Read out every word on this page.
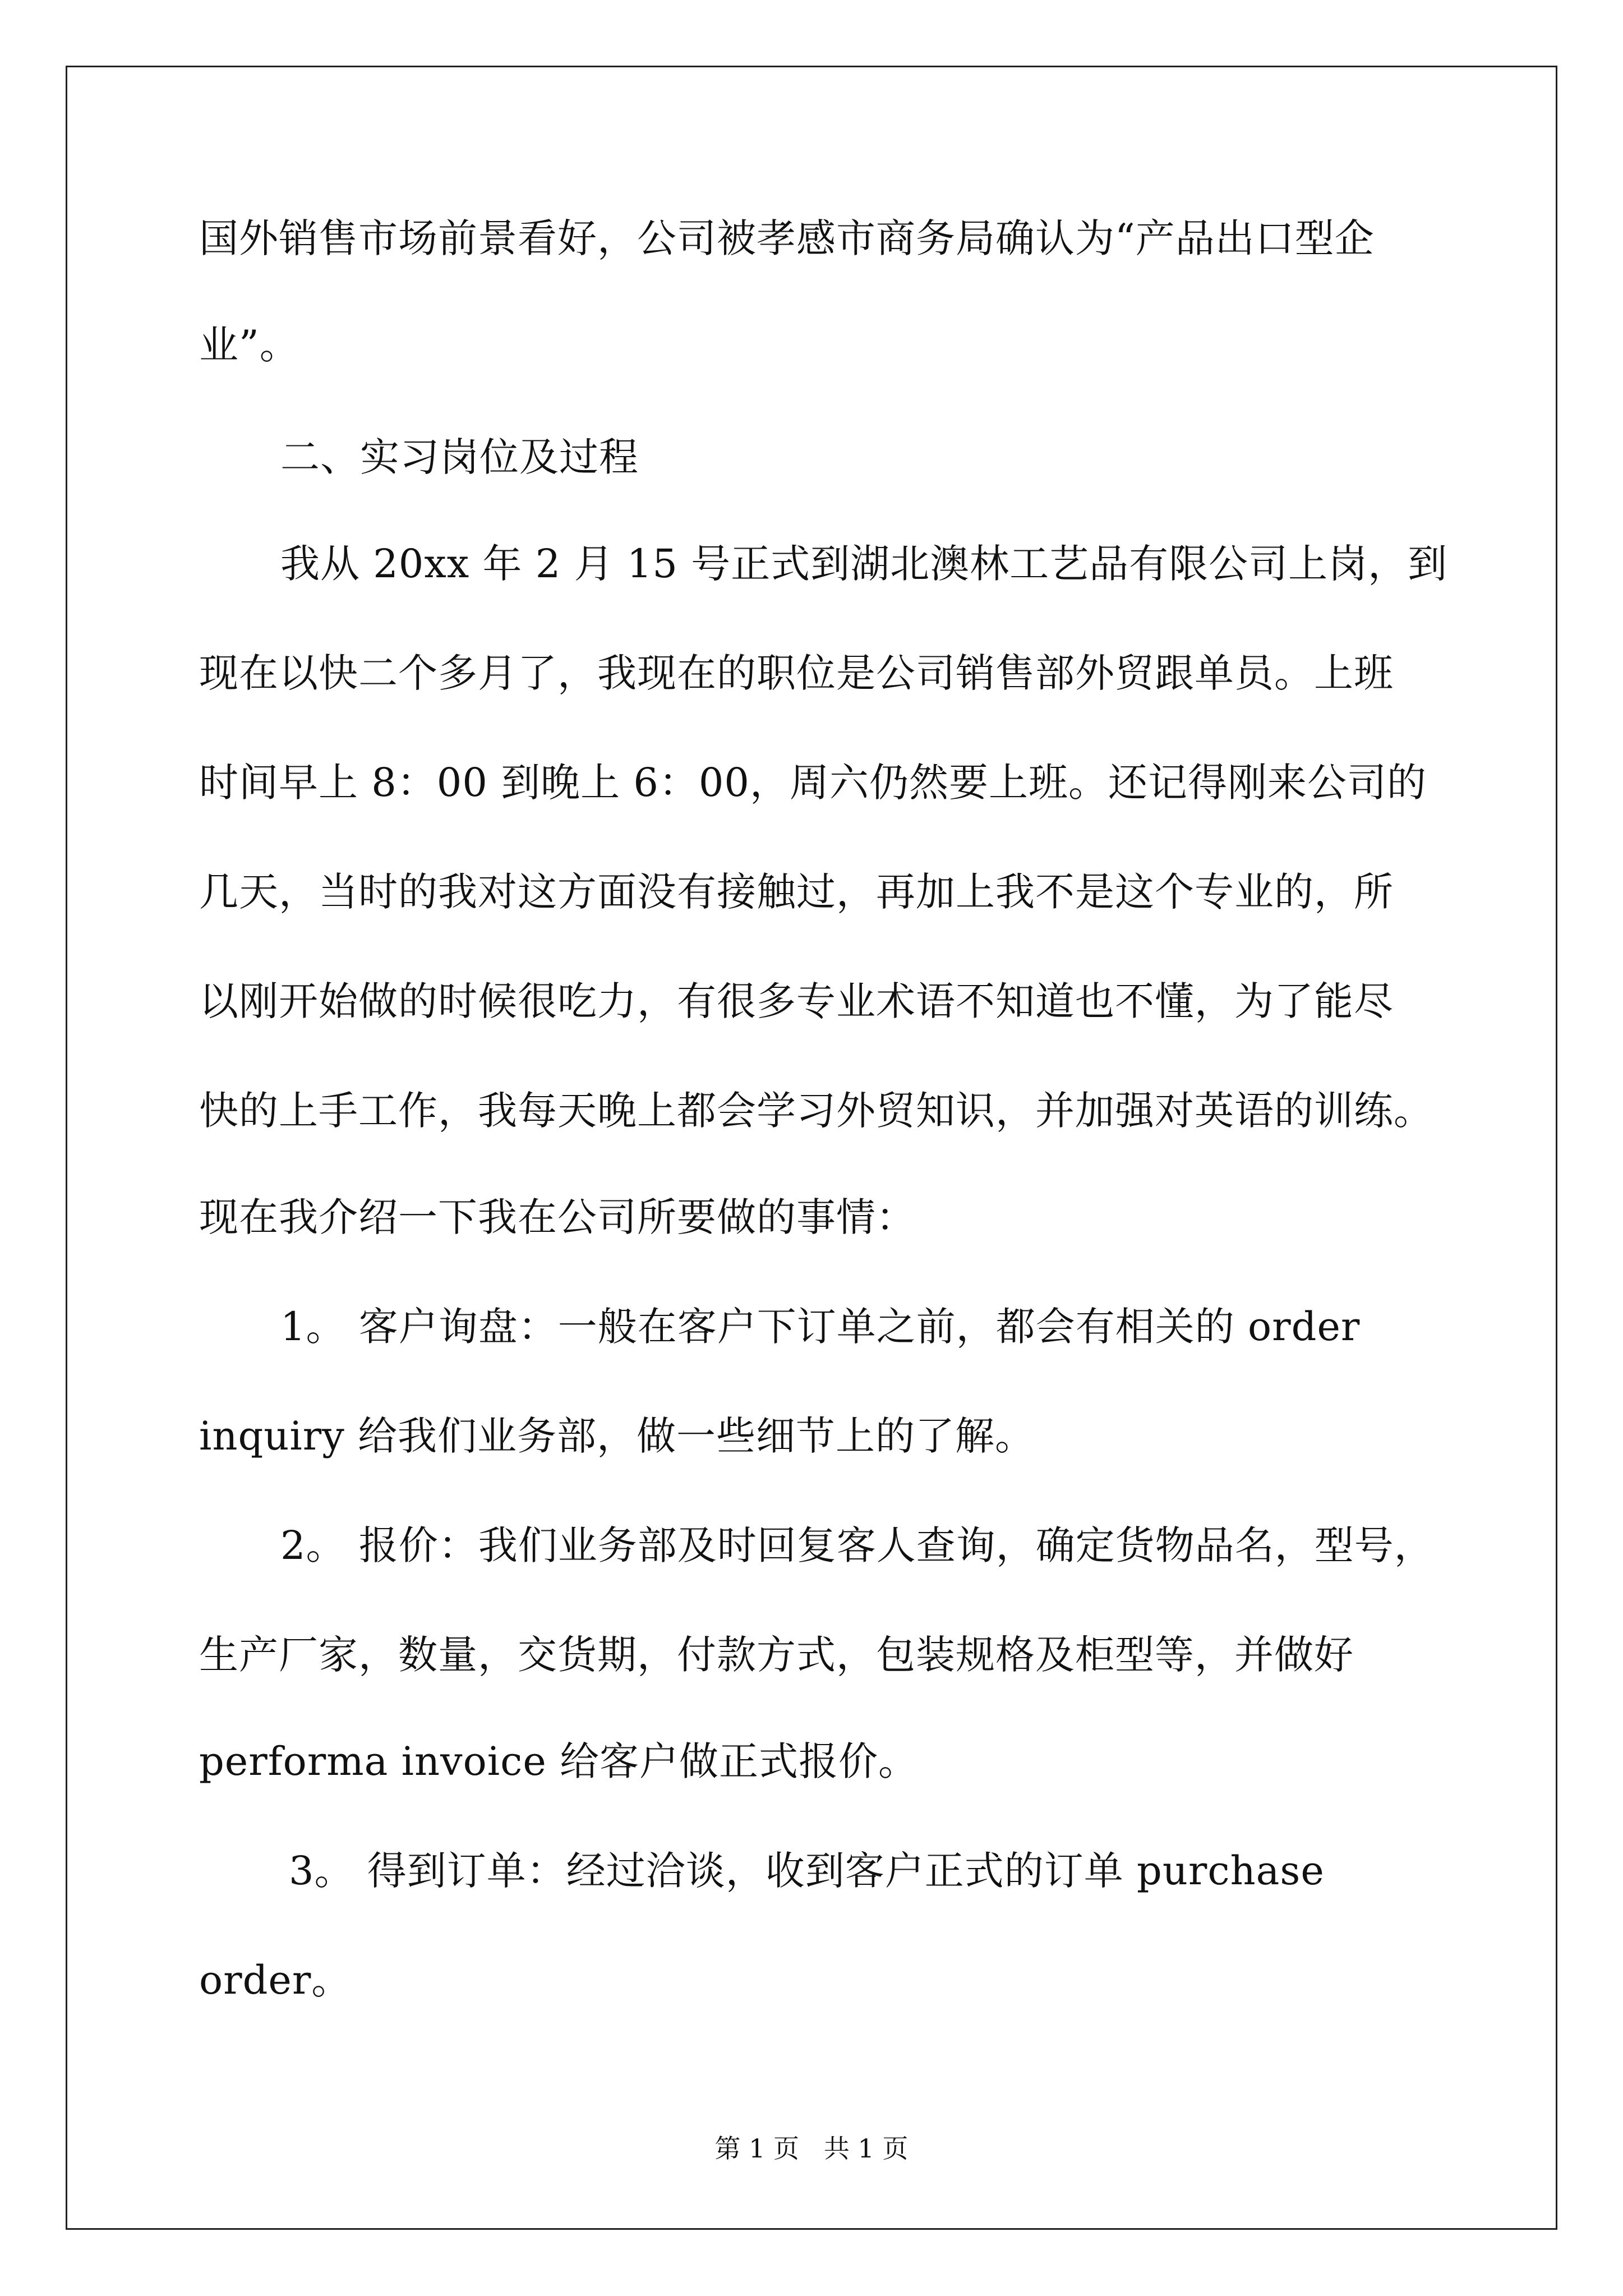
国外销售市场前景看好，公司被孝感市商务局确认为“产品出口型企
业”。
二、实习岗位及过程
我从 20xx 年 2 月 15 号正式到湖北澳林工艺品有限公司上岗，到
现在以快二个多月了，我现在的职位是公司销售部外贸跟单员。上班
时间早上 8：00 到晚上 6：00，周六仍然要上班。还记得刚来公司的
几天，当时的我对这方面没有接触过，再加上我不是这个专业的，所
以刚开始做的时候很吃力，有很多专业术语不知道也不懂，为了能尽
快的上手工作，我每天晚上都会学习外贸知识，并加强对英语的训练。
现在我介绍一下我在公司所要做的事情：
1。 客户询盘：一般在客户下订单之前，都会有相关的 order
inquiry 给我们业务部，做一些细节上的了解。
2。 报价：我们业务部及时回复客人查询，确定货物品名，型号，
生产厂家，数量，交货期，付款方式，包装规格及柜型等，并做好
performa invoice 给客户做正式报价。
3。 得到订单：经过洽谈，收到客户正式的订单 purchase
order。
第 1 页   共 1 页
